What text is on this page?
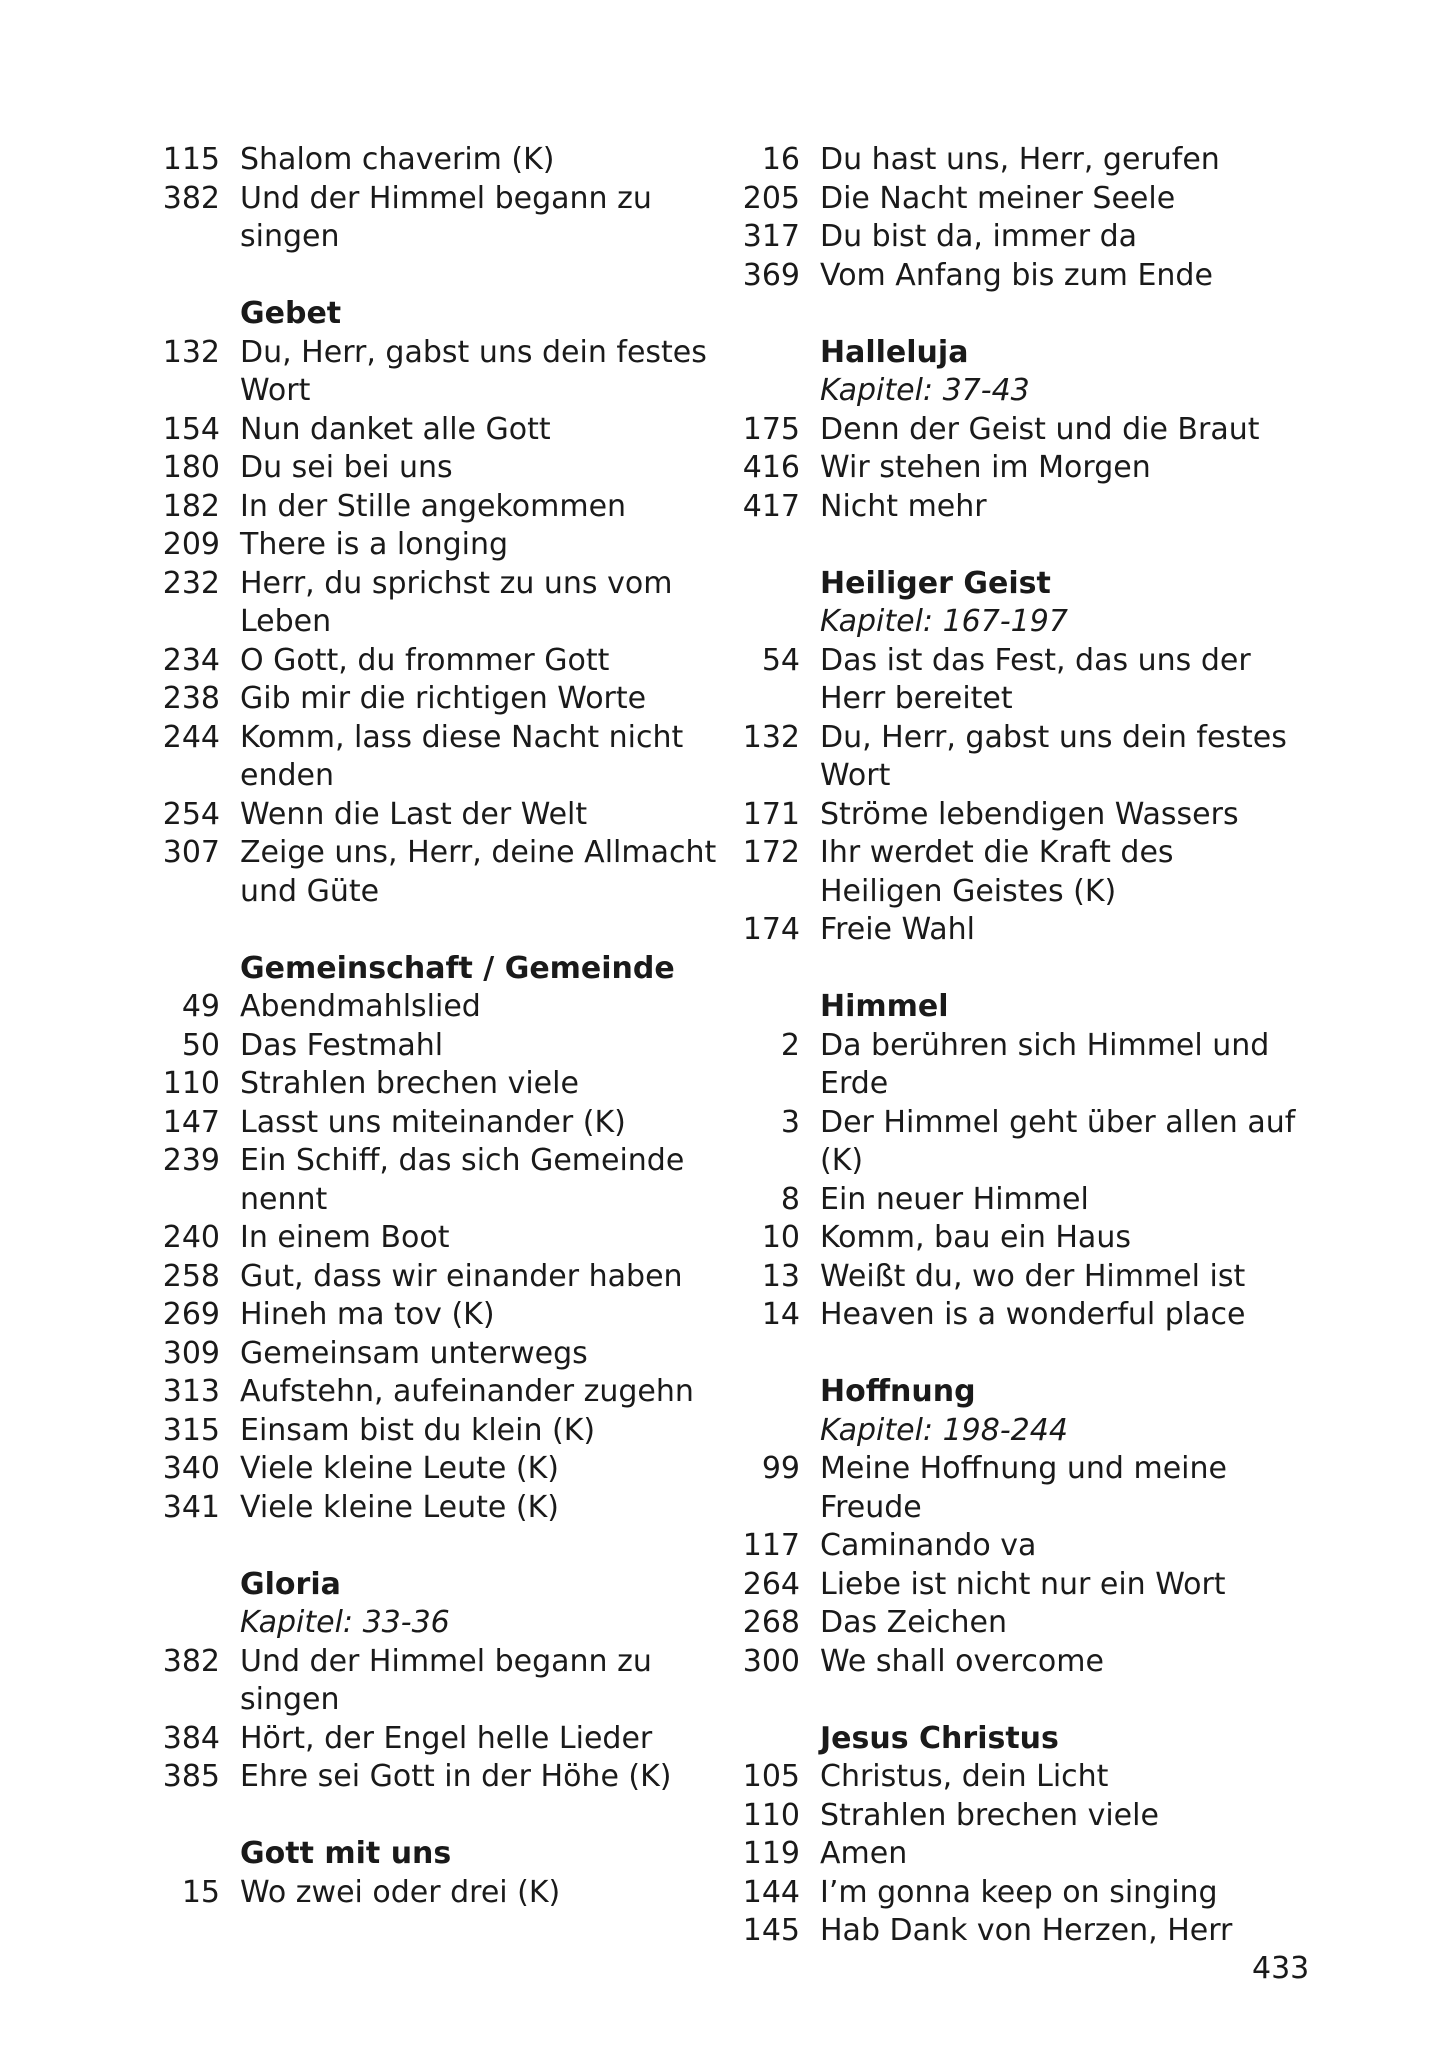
115 Shalom chaverim (K)
382 Und der Himmel begann zu singen
Gebet
132 Du, Herr, gabst uns dein festes Wort
154 Nun danket alle Gott
180 Du sei bei uns
182 In der Stille angekommen
209 There is a longing
232 Herr, du sprichst zu uns vom Leben
234 O Gott, du frommer Gott
238 Gib mir die richtigen Worte
244 Komm, lass diese Nacht nicht enden
254 Wenn die Last der Welt
307 Zeige uns, Herr, deine Allmacht und Güte
Gemeinschaft / Gemeinde
49 Abendmahlslied
50 Das Festmahl
110 Strahlen brechen viele
147 Lasst uns miteinander (K)
239 Ein Schiff, das sich Gemeinde nennt
240 In einem Boot
258 Gut, dass wir einander haben
269 Hineh ma tov (K)
309 Gemeinsam unterwegs
313 Aufstehn, aufeinander zugehn
315 Einsam bist du klein (K)
340 Viele kleine Leute (K)
341 Viele kleine Leute (K)
Gloria
Kapitel: 33-36
382 Und der Himmel begann zu singen
384 Hört, der Engel helle Lieder
385 Ehre sei Gott in der Höhe (K)
Gott mit uns
15 Wo zwei oder drei (K)
16 Du hast uns, Herr, gerufen
205 Die Nacht meiner Seele
317 Du bist da, immer da
369 Vom Anfang bis zum Ende
Halleluja
Kapitel: 37-43
175 Denn der Geist und die Braut
416 Wir stehen im Morgen
417 Nicht mehr
Heiliger Geist
Kapitel: 167-197
54 Das ist das Fest, das uns der Herr bereitet
132 Du, Herr, gabst uns dein festes Wort
171 Ströme lebendigen Wassers
172 Ihr werdet die Kraft des Heiligen Geistes (K)
174 Freie Wahl
Himmel
2 Da berühren sich Himmel und Erde
3 Der Himmel geht über allen auf (K)
8 Ein neuer Himmel
10 Komm, bau ein Haus
13 Weißt du, wo der Himmel ist
14 Heaven is a wonderful place
Hoffnung
Kapitel: 198-244
99 Meine Hoffnung und meine Freude
117 Caminando va
264 Liebe ist nicht nur ein Wort
268 Das Zeichen
300 We shall overcome
Jesus Christus
105 Christus, dein Licht
110 Strahlen brechen viele
119 Amen
144 I’m gonna keep on singing
145 Hab Dank von Herzen, Herr
433
